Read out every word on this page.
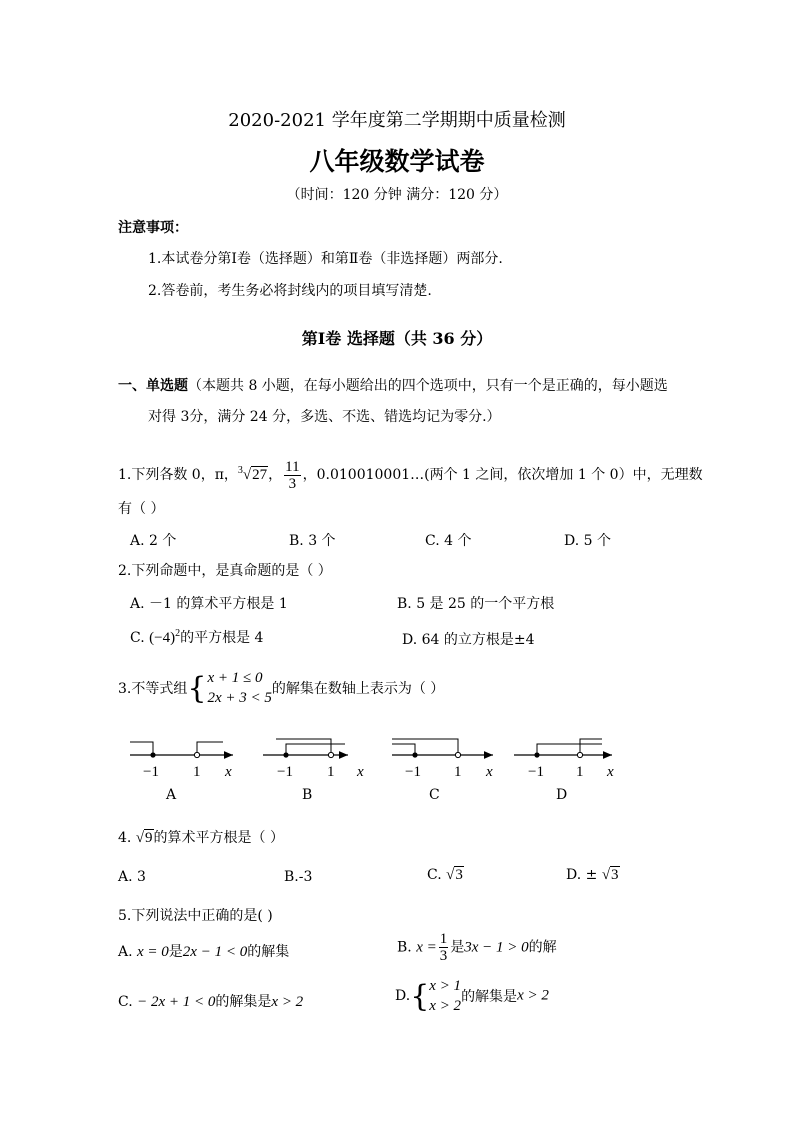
2020-2021 学年度第二学期期中质量检测
八年级数学试卷
（时间：120 分钟 满分：120 分）
注意事项：
1.本试卷分第Ⅰ卷（选择题）和第Ⅱ卷（非选择题）两部分.
2.答卷前，考生务必将封线内的项目填写清楚.
第Ⅰ卷 选择题（共 36 分）
一、单选题（本题共 8 小题，在每小题给出的四个选项中，只有一个是正确的，每小题选
对得 3分，满分 24 分，多选、不选、错选均记为零分.）
1.下列各数 0，π，$^3$√27， $\frac{11}{3}$ ，0.010010001…(两个 1 之间，依次增加 1 个 0）中，无理数
有（ ）
A. 2 个	B. 3 个	C. 4 个	D. 5 个
2.下列命题中，是真命题的是（ ）
A. －1 的算术平方根是 1	B. 5 是 25 的一个平方根
C. $(-4)^2$的平方根是 4	D. 64 的立方根是±4
3.不等式组{ x + 1 ≤ 0
2x + 3 < 5
的解集在数轴上表示为（ ）
−1 1 x
A
−1 1 x
B
−1 1 x
C
−1 1 x
D
4. √9的算术平方根是（ ）
A. 3	B.-3	C. √3	D. ± √3
5.下列说法中正确的是( )
A. x = 0是2x − 1 < 0的解集	B. $x = \frac{1}{3}$ 是3x − 1 > 0的解
C. − 2x + 1 < 0的解集是x > 2	D.{ x > 1
x > 2
的解集是x > 2
